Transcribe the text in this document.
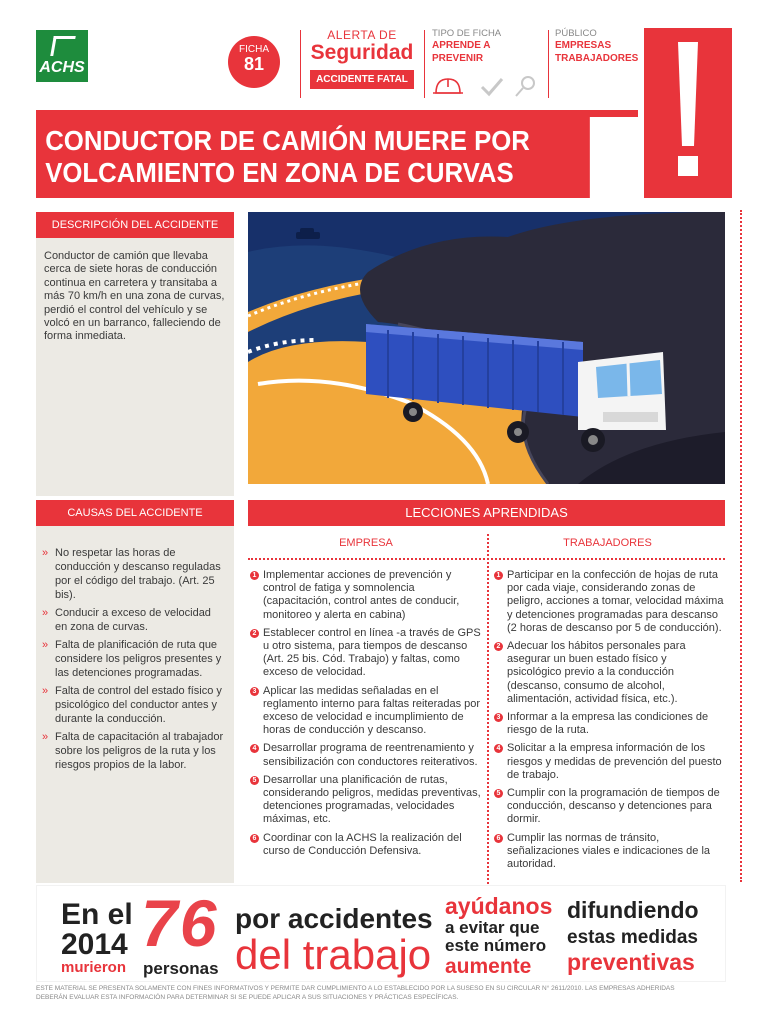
ACHS
FICHA
81
ALERTA DE
Seguridad
ACCIDENTE FATAL
TIPO DE FICHA
APRENDE A PREVENIR
PÚBLICO
EMPRESAS
TRABAJADORES
CONDUCTOR DE CAMIÓN MUERE POR
VOLCAMIENTO EN ZONA DE CURVAS
DESCRIPCIÓN DEL ACCIDENTE

Conductor de camión que llevaba cerca de siete horas de conducción continua en carretera y transitaba a más 70 km/h en una zona de curvas, perdió el control del vehículo y se volcó en un barranco, falleciendo de forma inmediata.

CAUSAS DEL ACCIDENTE
» No respetar las horas de conducción y descanso reguladas por el código del trabajo. (Art. 25 bis).
» Conducir a exceso de velocidad en zona de curvas.
» Falta de planificación de ruta que considere los peligros presentes y las detenciones programadas.
» Falta de control del estado físico y psicológico del conductor antes y durante la conducción.
» Falta de capacitación al trabajador sobre los peligros de la ruta y los riesgos propios de la labor.
LECCIONES APRENDIDAS
EMPRESA	TRABAJADORES
1 Implementar acciones de prevención y control de fatiga y somnolencia (capacitación, control antes de conducir, monitoreo y alerta en cabina)
2 Establecer control en línea -a través de GPS u otro sistema, para tiempos de descanso (Art. 25 bis. Cód. Trabajo) y faltas, como exceso de velocidad.
3 Aplicar las medidas señaladas en el reglamento interno para faltas reiteradas por exceso de velocidad e incumplimiento de horas de conducción y descanso.
4 Desarrollar programa de reentrenamiento y sensibilización con conductores reiterativos.
5 Desarrollar una planificación de rutas, considerando peligros, medidas preventivas, detenciones programadas, velocidades máximas, etc.
6 Coordinar con la ACHS la realización del curso de Conducción Defensiva.
1 Participar en la confección de hojas de ruta por cada viaje, considerando zonas de peligro, acciones a tomar, velocidad máxima y detenciones programadas para descanso (2 horas de descanso por 5 de conducción).
2 Adecuar los hábitos personales para asegurar un buen estado físico y psicológico previo a la conducción (descanso, consumo de alcohol, alimentación, actividad física, etc.).
3 Informar a la empresa las condiciones de riesgo de la ruta.
4 Solicitar a la empresa información de los riesgos y medidas de prevención del puesto de trabajo.
5 Cumplir con la programación de tiempos de conducción, descanso y detenciones para dormir.
6 Cumplir las normas de tránsito, señalizaciones viales e indicaciones de la autoridad.
En el
2014
murieron
76
personas
por accidentes
del trabajo
ayúdanos
a evitar que
este número
aumente
difundiendo
estas medidas
preventivas
ESTE MATERIAL SE PRESENTA SOLAMENTE CON FINES INFORMATIVOS Y PERMITE DAR CUMPLIMIENTO A LO ESTABLECIDO POR LA SUSESO EN SU CIRCULAR N° 2611/2010. LAS EMPRESAS ADHERIDAS
DEBERÁN EVALUAR ESTA INFORMACIÓN PARA DETERMINAR SI SE PUEDE APLICAR A SUS SITUACIONES Y PRÁCTICAS ESPECÍFICAS.
